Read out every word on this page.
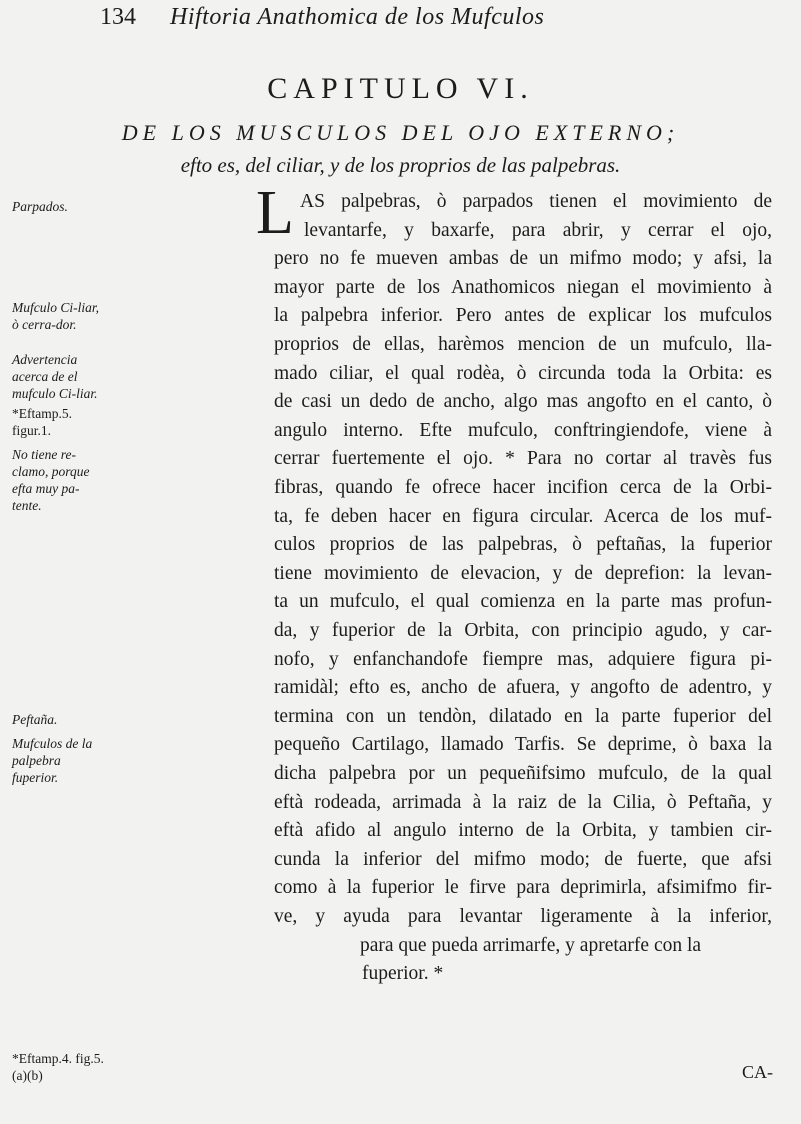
134 Hiftoria Anathomica de los Mufculos
CAPITULO VI.
DE LOS MUSCULOS DEL OJO EXTERNO;
efto es, del ciliar, y de los proprios de las palpebras.
L
Parpados.
Mufculo Ci-liar, ò cerra-dor.
Advertencia acerca de el mufculo Ci-liar.
*Eftamp.5. figur.1.
No tiene re-clamo, porque efta muy pa-tente.
Peftaña.
Mufculos de la palpebra fuperior.
*Eftamp.4. fig.5.(a)(b)
AS palpebras, ò parpados tienen el movimiento de
levantarfe, y baxarfe, para abrir, y cerrar el ojo,
pero no fe mueven ambas de un mifmo modo; y afsi, la
mayor parte de los Anathomicos niegan el movimiento à
la palpebra inferior. Pero antes de explicar los mufculos
proprios de ellas, harèmos mencion de un mufculo, lla-
mado ciliar, el qual rodèa, ò circunda toda la Orbita: es
de casi un dedo de ancho, algo mas angofto en el canto, ò
angulo interno. Efte mufculo, conftringiendofe, viene à
cerrar fuertemente el ojo. * Para no cortar al travès fus
fibras, quando fe ofrece hacer incifion cerca de la Orbi-
ta, fe deben hacer en figura circular. Acerca de los muf-
culos proprios de las palpebras, ò peftañas, la fuperior
tiene movimiento de elevacion, y de deprefion: la levan-
ta un mufculo, el qual comienza en la parte mas profun-
da, y fuperior de la Orbita, con principio agudo, y car-
nofo, y enfanchandofe fiempre mas, adquiere figura pi-
ramidàl; efto es, ancho de afuera, y angofto de adentro, y
termina con un tendòn, dilatado en la parte fuperior del
pequeño Cartilago, llamado Tarfis. Se deprime, ò baxa la
dicha palpebra por un pequeñifsimo mufculo, de la qual
eftà rodeada, arrimada à la raiz de la Cilia, ò Peftaña, y
eftà afido al angulo interno de la Orbita, y tambien cir-
cunda la inferior del mifmo modo; de fuerte, que afsi
como à la fuperior le firve para deprimirla, afsimifmo fir-
ve, y ayuda para levantar ligeramente à la inferior,
para que pueda arrimarfe, y apretarfe con la
fuperior. *
CA-
